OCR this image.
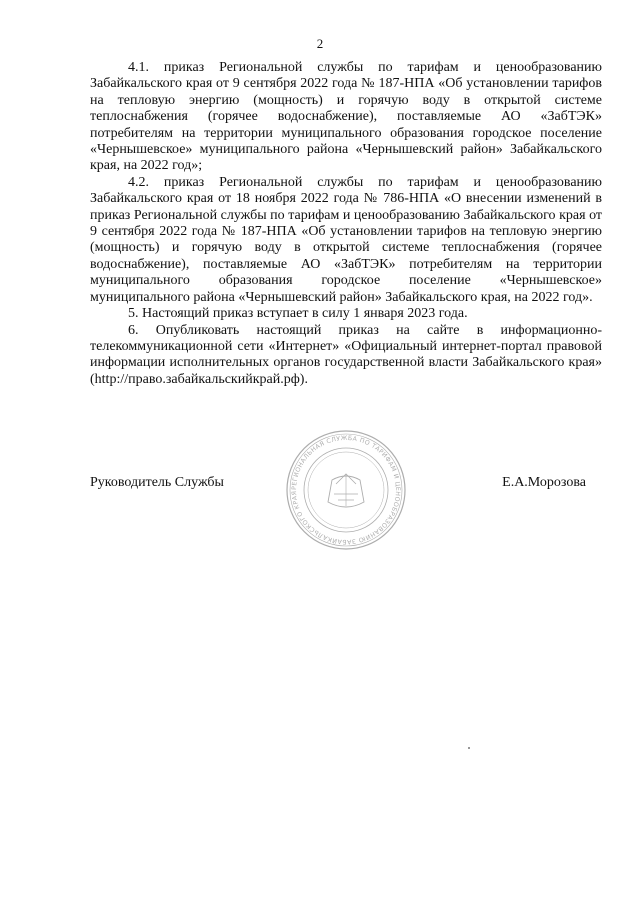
2

4.1. приказ Региональной службы по тарифам и ценообразованию Забайкальского края от 9 сентября 2022 года № 187-НПА «Об установлении тарифов на тепловую энергию (мощность) и горячую воду в открытой системе теплоснабжения (горячее водоснабжение), поставляемые АО «ЗабТЭК» потребителям на территории муниципального образования городское поселение «Чернышевское» муниципального района «Чернышевский район» Забайкальского края, на 2022 год»;

4.2. приказ Региональной службы по тарифам и ценообразованию Забайкальского края от 18 ноября 2022 года № 786-НПА «О внесении изменений в приказ Региональной службы по тарифам и ценообразованию Забайкальского края от 9 сентября 2022 года № 187-НПА «Об установлении тарифов на тепловую энергию (мощность) и горячую воду в открытой системе теплоснабжения (горячее водоснабжение), поставляемые АО «ЗабТЭК» потребителям на территории муниципального образования городское поселение «Чернышевское» муниципального района «Чернышевский район» Забайкальского края, на 2022 год».

5. Настоящий приказ вступает в силу 1 января 2023 года.

6. Опубликовать настоящий приказ на сайте в информационно-телекоммуникационной сети «Интернет» «Официальный интернет-портал правовой информации исполнительных органов государственной власти Забайкальского края» (http://право.забайкальскийкрай.рф).

РЕГИОНАЛЬНАЯ СЛУЖБА ПО ТАРИФАМ И ЦЕНООБРАЗОВАНИЮ ЗАБАЙКАЛЬСКОГО КРАЯ
Руководитель Службы	Е.А.Морозова
